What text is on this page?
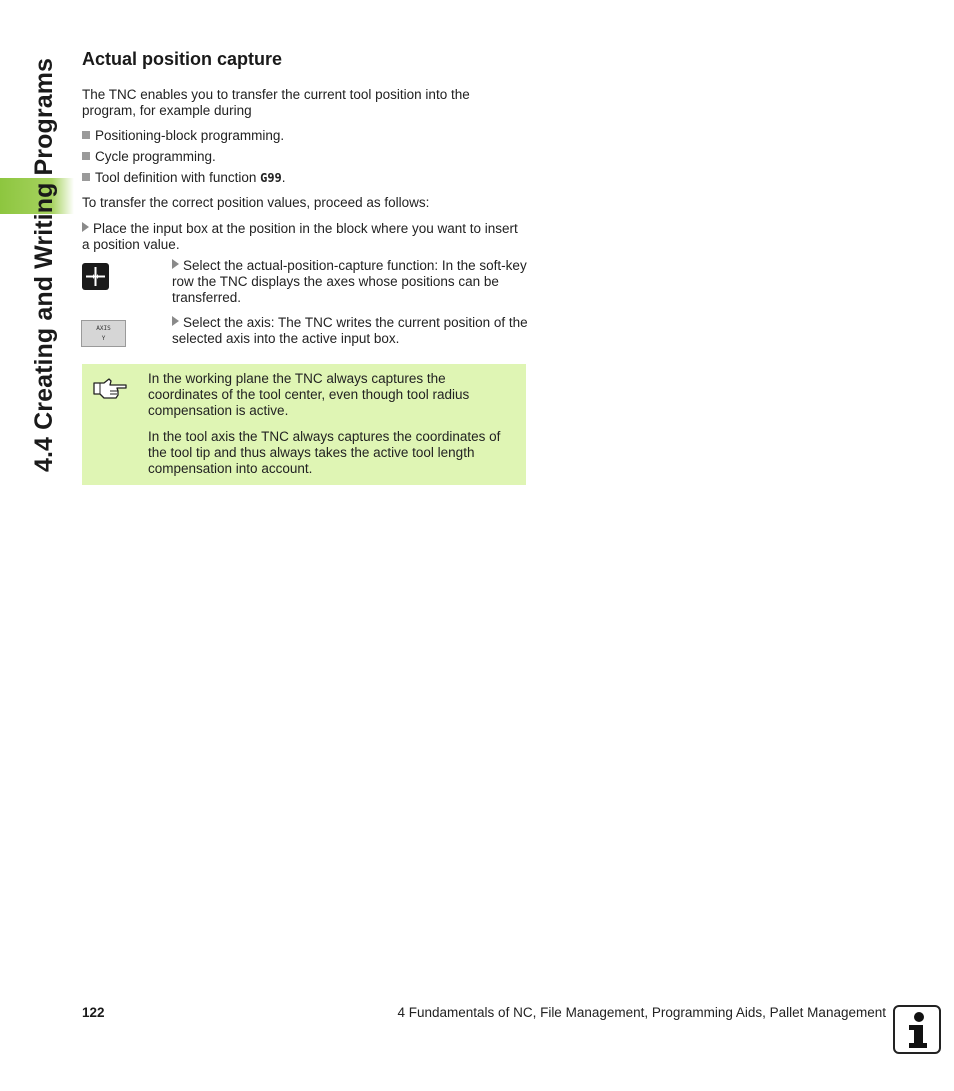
4.4 Creating and Writing Programs Actual position capture

The TNC enables you to transfer the current tool position into the program, for example during

Positioning-block programming.
Cycle programming.
Tool definition with function G99.

To transfer the correct position values, proceed as follows:

Place the input box at the position in the block where you want to insert a position value.
Select the actual-position-capture function: In the soft-key row the TNC displays the axes whose positions can be transferred.
AXIS
Y
Select the axis: The TNC writes the current position of the selected axis into the active input box.

In the working plane the TNC always captures the coordinates of the tool center, even though tool radius compensation is active.

In the tool axis the TNC always captures the coordinates of the tool tip and thus always takes the active tool length compensation into account.

122	4 Fundamentals of NC, File Management, Programming Aids, Pallet Management
